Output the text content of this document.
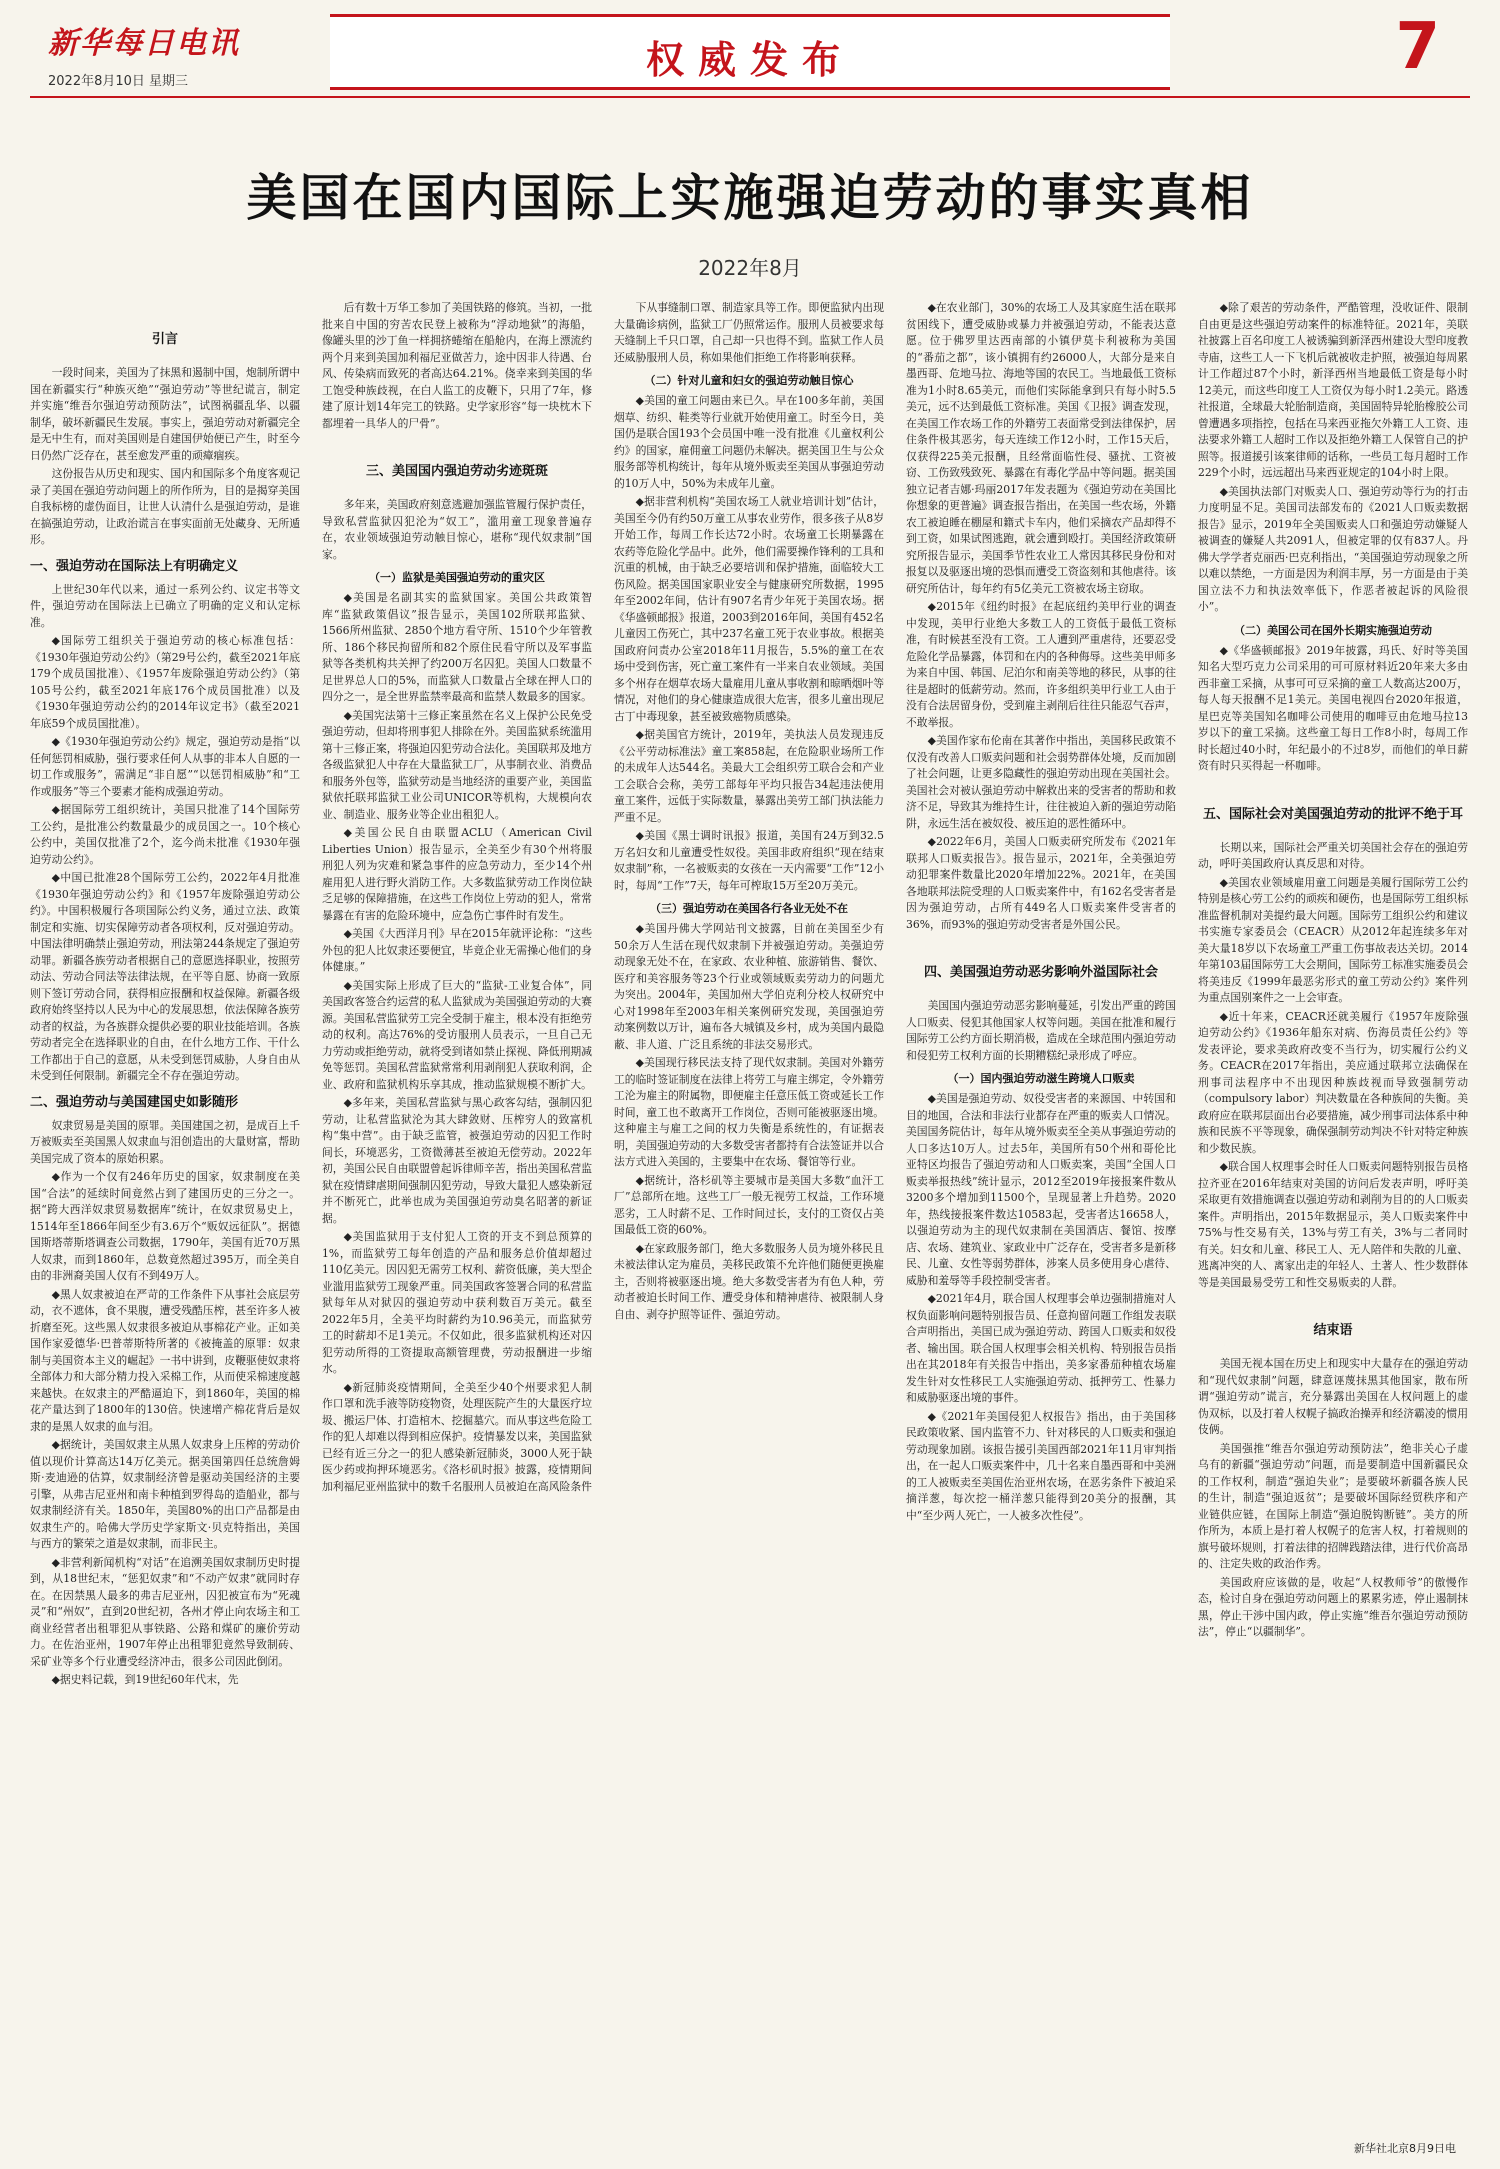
新华每日电讯
2022年8月10日 星期三	权威发布	7
美国在国内国际上实施强迫劳动的事实真相
2022年8月
引言

一段时间来，美国为了抹黑和遏制中国，炮制所谓中国在新疆实行“种族灭绝”“强迫劳动”等世纪谎言，制定并实施“维吾尔强迫劳动预防法”，试图祸疆乱华、以疆制华，破坏新疆民生发展。事实上，强迫劳动对新疆完全是无中生有，而对美国则是自建国伊始便已产生，时至今日仍然广泛存在，甚至愈发严重的顽瘴痼疾。

这份报告从历史和现实、国内和国际多个角度客观记录了美国在强迫劳动问题上的所作所为，目的是揭穿美国自我标榜的虚伪面目，让世人认清什么是强迫劳动，是谁在搞强迫劳动，让政治谎言在事实面前无处藏身、无所遁形。

一、强迫劳动在国际法上有明确定义

上世纪30年代以来，通过一系列公约、议定书等文件，强迫劳动在国际法上已确立了明确的定义和认定标准。

◆国际劳工组织关于强迫劳动的核心标准包括：《1930年强迫劳动公约》（第29号公约，截至2021年底179个成员国批准）、《1957年废除强迫劳动公约》（第105号公约，截至2021年底176个成员国批准）以及《1930年强迫劳动公约的2014年议定书》（截至2021年底59个成员国批准）。

◆《1930年强迫劳动公约》规定，强迫劳动是指“以任何惩罚相威胁，强行要求任何人从事的非本人自愿的一切工作或服务”，需满足“非自愿”“以惩罚相威胁”和“工作或服务”等三个要素才能构成强迫劳动。

◆据国际劳工组织统计，美国只批准了14个国际劳工公约，是批准公约数量最少的成员国之一。10个核心公约中，美国仅批准了2个，迄今尚未批准《1930年强迫劳动公约》。

◆中国已批准28个国际劳工公约，2022年4月批准《1930年强迫劳动公约》和《1957年废除强迫劳动公约》。中国积极履行各项国际公约义务，通过立法、政策制定和实施、切实保障劳动者各项权利，反对强迫劳动。中国法律明确禁止强迫劳动，刑法第244条规定了强迫劳动罪。新疆各族劳动者根据自己的意愿选择职业，按照劳动法、劳动合同法等法律法规，在平等自愿、协商一致原则下签订劳动合同，获得相应报酬和权益保障。新疆各级政府始终坚持以人民为中心的发展思想，依法保障各族劳动者的权益，为各族群众提供必要的职业技能培训。各族劳动者完全在选择职业的自由，在什么地方工作、干什么工作都出于自己的意愿，从未受到惩罚威胁，人身自由从未受到任何限制。新疆完全不存在强迫劳动。

二、强迫劳动与美国建国史如影随形

奴隶贸易是美国的原罪。美国建国之初，是成百上千万被贩卖至美国黑人奴隶血与泪创造出的大量财富，帮助美国完成了资本的原始积累。

◆作为一个仅有246年历史的国家，奴隶制度在美国“合法”的延续时间竟然占到了建国历史的三分之一。据“跨大西洋奴隶贸易数据库”统计，在奴隶贸易史上，1514年至1866年间至少有3.6万个“贩奴远征队”。据德国斯塔蒂斯塔调查公司数据，1790年，美国有近70万黑人奴隶，而到1860年，总数竟然超过395万，而全美自由的非洲裔美国人仅有不到49万人。

◆黑人奴隶被迫在严苛的工作条件下从事社会底层劳动，衣不遮体，食不果腹，遭受残酷压榨，甚至许多人被折磨至死。这些黑人奴隶很多被迫从事棉花产业。正如美国作家爱德华·巴普蒂斯特所著的《被掩盖的原罪：奴隶制与美国资本主义的崛起》一书中讲到，皮鞭驱使奴隶将全部体力和大部分精力投入采棉工作，从而使采棉速度越来越快。在奴隶主的严酷逼迫下，到1860年，美国的棉花产量达到了1800年的130倍。快速增产棉花背后是奴隶的是黑人奴隶的血与泪。

◆据统计，美国奴隶主从黑人奴隶身上压榨的劳动价值以现价计算高达14万亿美元。据美国第四任总统詹姆斯·麦迪逊的估算，奴隶制经济曾是驱动美国经济的主要引擎，从弗吉尼亚州和南卡种植到罗得岛的造船业，都与奴隶制经济有关。1850年，美国80%的出口产品都是由奴隶生产的。哈佛大学历史学家斯文·贝克特指出，美国与西方的繁荣之道是奴隶制，而非民主。

◆非营利新闻机构“对话”在追溯美国奴隶制历史时提到，从18世纪末，“惩犯奴隶”和“不动产奴隶”就同时存在。在因禁黑人最多的弗吉尼亚州，囚犯被宣布为“死魂灵”和“州奴”，直到20世纪初，各州才停止向农场主和工商业经营者出租罪犯从事铁路、公路和煤矿的廉价劳动力。在佐治亚州，1907年停止出租罪犯竟然导致制砖、采矿业等多个行业遭受经济冲击，很多公司因此倒闭。

◆据史料记载，到19世纪60年代末，先

后有数十万华工参加了美国铁路的修筑。当初，一批批来自中国的穷苦农民登上被称为“浮动地狱”的海船，像罐头里的沙丁鱼一样拥挤蜷缩在船舱内，在海上漂流约两个月来到美国加利福尼亚做苦力，途中因非人待遇、台风、传染病而致死的者高达64.21%。侥幸来到美国的华工饱受种族歧视，在白人监工的皮鞭下，只用了7年，修建了原计划14年完工的铁路。史学家形容“每一块枕木下都埋着一具华人的尸骨”。

三、美国国内强迫劳动劣迹斑斑

多年来，美国政府刻意逃避加强监管履行保护责任，导致私营监狱囚犯沦为“奴工”，滥用童工现象普遍存在，农业领域强迫劳动触目惊心，堪称“现代奴隶制”国家。

（一）监狱是美国强迫劳动的重灾区

◆美国是名副其实的监狱国家。美国公共政策智库“监狱政策倡议”报告显示，美国102所联邦监狱、1566所州监狱、2850个地方看守所、1510个少年管教所、186个移民拘留所和82个原住民看守所以及军事监狱等各类机构共关押了约200万名囚犯。美国人口数量不足世界总人口的5%，而监狱人口数量占全球在押人口的四分之一，是全世界监禁率最高和监禁人数最多的国家。

◆美国宪法第十三修正案虽然在名义上保护公民免受强迫劳动，但却将刑事犯人排除在外。美国监狱系统滥用第十三修正案，将强迫囚犯劳动合法化。美国联邦及地方各级监狱犯人中存在大量监狱工厂，从事制衣业、消费品和服务外包等，监狱劳动是当地经济的重要产业，美国监狱依托联邦监狱工业公司UNICOR等机构，大规模向农业、制造业、服务业等企业出租犯人。

◆美国公民自由联盟ACLU（American Civil Liberties Union）报告显示，全美至少有30个州将服刑犯人列为灾难和紧急事件的应急劳动力，至少14个州雇用犯人进行野火消防工作。大多数监狱劳动工作岗位缺乏足够的保障措施，在这些工作岗位上劳动的犯人，常常暴露在有害的危险环境中，应急伤亡事件时有发生。

◆美国《大西洋月刊》早在2015年就评论称：“这些外包的犯人比奴隶还要便宜，毕竟企业无需操心他们的身体健康。”

◆美国实际上形成了巨大的“监狱-工业复合体”，同美国政客签合约运营的私人监狱成为美国强迫劳动的大赛源。美国私营监狱劳工完全受制于雇主，根本没有拒绝劳动的权利。高达76%的受访服刑人员表示，一旦自己无力劳动或拒绝劳动，就将受到诸如禁止探视、降低刑期减免等惩罚。美国私营监狱常常利用剥削犯人获取利润，企业、政府和监狱机构乐享其成，推动监狱规模不断扩大。

◆多年来，美国私营监狱与黑心政客勾结，强制囚犯劳动，让私营监狱沦为其大肆敛财、压榨穷人的致富机构“集中营”。由于缺乏监管，被强迫劳动的囚犯工作时间长，环境恶劣，工资微薄甚至被迫无偿劳动。2022年初，美国公民自由联盟曾起诉律师辛苦，指出美国私营监狱在疫情肆虐期间强制囚犯劳动，导致大量犯人感染新冠并不断死亡，此举也成为美国强迫劳动臭名昭著的新证据。

◆美国监狱用于支付犯人工资的开支不到总预算的1%，而监狱劳工每年创造的产品和服务总价值却超过110亿美元。因囚犯无需劳工权利、薪资低廉，美大型企业滥用监狱劳工现象严重。同美国政客签署合同的私营监狱每年从对狱囚的强迫劳动中获利数百万美元。截至2022年5月，全美平均时薪约为10.96美元，而监狱劳工的时薪却不足1美元。不仅如此，很多监狱机构还对囚犯劳动所得的工资提取高额管理费，劳动报酬进一步缩水。

◆新冠肺炎疫情期间，全美至少40个州要求犯人制作口罩和洗手液等防疫物资，处理医院产生的大量医疗垃圾、搬运尸体、打造棺木、挖掘墓穴。而从事这些危险工作的犯人却难以得到相应保护。疫情暴发以来，美国监狱已经有近三分之一的犯人感染新冠肺炎，3000人死于缺医少药或拘押环境恶劣。《洛杉矶时报》披露，疫情期间加利福尼亚州监狱中的数千名服刑人员被迫在高风险条件

下从事缝制口罩、制造家具等工作。即便监狱内出现大量确诊病例，监狱工厂仍照常运作。服刑人员被要求每天缝制上千只口罩，自己却一只也得不到。监狱工作人员还威胁服刑人员，称如果他们拒绝工作将影响获释。

（二）针对儿童和妇女的强迫劳动触目惊心

◆美国的童工问题由来已久。早在100多年前，美国烟草、纺织、鞋类等行业就开始使用童工。时至今日，美国仍是联合国193个会员国中唯一没有批准《儿童权利公约》的国家，雇佣童工问题仍未解决。据美国卫生与公众服务部等机构统计，每年从境外贩卖至美国从事强迫劳动的10万人中，50%为未成年儿童。

◆据非营利机构“美国农场工人就业培训计划”估计，美国至今仍有约50万童工从事农业劳作，很多孩子从8岁开始工作，每周工作长达72小时。农场童工长期暴露在农药等危险化学品中。此外，他们需要操作锋利的工具和沉重的机械，由于缺乏必要培训和保护措施，面临较大工伤风险。据美国国家职业安全与健康研究所数据，1995年至2002年间，估计有907名青少年死于美国农场。据《华盛顿邮报》报道，2003到2016年间，美国有452名儿童因工伤死亡，其中237名童工死于农业事故。根据美国政府问责办公室2018年11月报告，5.5%的童工在农场中受到伤害，死亡童工案件有一半来自农业领域。美国多个州存在烟草农场大量雇用儿童从事收割和晾晒烟叶等情况，对他们的身心健康造成很大危害，很多儿童出现尼古丁中毒现象，甚至被致癌物质感染。

◆据美国官方统计，2019年，美执法人员发现违反《公平劳动标准法》童工案858起，在危险职业场所工作的未成年人达544名。美最大工会组织劳工联合会和产业工会联合会称，美劳工部每年平均只报告34起违法使用童工案件，远低于实际数量，暴露出美劳工部门执法能力严重不足。

◆美国《黑士调时讯报》报道，美国有24万到32.5万名妇女和儿童遭受性奴役。美国非政府组织“现在结束奴隶制”称，一名被贩卖的女孩在一天内需要“工作”12小时，每周“工作”7天，每年可榨取15万至20万美元。

（三）强迫劳动在美国各行各业无处不在

◆美国丹佛大学网站刊文披露，目前在美国至少有50余万人生活在现代奴隶制下并被强迫劳动。美强迫劳动现象无处不在，在家政、农业种植、旅游销售、餐饮、医疗和美容服务等23个行业或领域贩卖劳动力的问题尤为突出。2004年，美国加州大学伯克利分校人权研究中心对1998年至2003年相关案例研究发现，美国强迫劳动案例数以万计，遍布各大城镇及乡村，成为美国内最隐蔽、非人道、广泛且系统的非法交易形式。

◆美国现行移民法支持了现代奴隶制。美国对外籍劳工的临时签证制度在法律上将劳工与雇主绑定，令外籍劳工沦为雇主的附属物，即便雇主任意压低工资或延长工作时间，童工也不敢离开工作岗位，否则可能被驱逐出境。这种雇主与雇工之间的权力失衡是系统性的，有证据表明，美国强迫劳动的大多数受害者都持有合法签证并以合法方式进入美国的，主要集中在农场、餐馆等行业。

◆据统计，洛杉矶等主要城市是美国大多数“血汗工厂”总部所在地。这些工厂一般无视劳工权益，工作环境恶劣，工人时薪不足、工作时间过长，支付的工资仅占美国最低工资的60%。

◆在家政服务部门，绝大多数服务人员为境外移民且未被法律认定为雇员，美移民政策不允许他们随便更换雇主，否则将被驱逐出境。绝大多数受害者为有色人种，劳动者被迫长时间工作、遭受身体和精神虐待、被限制人身自由、剥夺护照等证件、强迫劳动。

◆在农业部门，30%的农场工人及其家庭生活在联邦贫困线下，遭受威胁或暴力并被强迫劳动，不能表达意愿。位于佛罗里达西南部的小镇伊莫卡利被称为美国的“番茄之都”，该小镇拥有约26000人，大部分是来自墨西哥、危地马拉、海地等国的农民工。当地最低工资标准为1小时8.65美元，而他们实际能拿到只有每小时5.5美元，远不达到最低工资标准。美国《卫报》调查发现，在美国工作农场工作的外籍劳工表面常受到法律保护，居住条件极其恶劣，每天连续工作12小时，工作15天后，仅获得225美元报酬，且经常面临性侵、骚扰、工资被窃、工伤致残致死、暴露在有毒化学品中等问题。据美国独立记者吉娜·玛丽2017年发表题为《强迫劳动在美国比你想象的更普遍》调查报告指出，在美国一些农场，外籍农工被迫睡在棚屋和籍式卡车内，他们采摘农产品却得不到工资，如果试图逃跑，就会遭到殴打。美国经济政策研究所报告显示，美国季节性农业工人常因其移民身份和对报复以及驱逐出境的恐惧而遭受工资盗刻和其他虐待。该研究所估计，每年约有5亿美元工资被农场主窃取。

◆2015年《纽约时报》在起底纽约美甲行业的调查中发现，美甲行业绝大多数工人的工资低于最低工资标准，有时候甚至没有工资。工人遭到严重虐待，还要忍受危险化学品暴露，体罚和在内的各种侮辱。这些美甲师多为来自中国、韩国、尼泊尔和南美等地的移民，从事的往往是超时的低薪劳动。然而，许多组织美甲行业工人由于没有合法居留身份，受到雇主剥削后往往只能忍气吞声，不敢举报。

◆美国作家布伦南在其著作中指出，美国移民政策不仅没有改善人口贩卖问题和社会弱势群体处境，反而加剧了社会问题，让更多隐藏性的强迫劳动出现在美国社会。美国社会对被认强迫劳动中解救出来的受害者的帮助和救济不足，导致其为维持生计，往往被迫入新的强迫劳动陷阱，永远生活在被奴役、被压迫的恶性循环中。

◆2022年6月，美国人口贩卖研究所发布《2021年联邦人口贩卖报告》。报告显示，2021年，全美强迫劳动犯罪案件数量比2020年增加22%。2021年，在美国各地联邦法院受理的人口贩卖案件中，有162名受害者是因为强迫劳动，占所有449名人口贩卖案件受害者的36%，而93%的强迫劳动受害者是外国公民。

四、美国强迫劳动恶劣影响外溢国际社会

美国国内强迫劳动恶劣影响蔓延，引发出严重的跨国人口贩卖、侵犯其他国家人权等问题。美国在批准和履行国际劳工公约方面长期消极，造成在全球范围内强迫劳动和侵犯劳工权利方面的长期糟糕纪录形成了呼应。

（一）国内强迫劳动滋生跨境人口贩卖

◆美国是强迫劳动、奴役受害者的来源国、中转国和目的地国，合法和非法行业都存在严重的贩卖人口情况。美国国务院估计，每年从境外贩卖至全美从事强迫劳动的人口多达10万人。过去5年，美国所有50个州和哥伦比亚特区均报告了强迫劳动和人口贩卖案，美国“全国人口贩卖举报热线”统计显示，2012至2019年接报案件数从3200多个增加到11500个，呈现显著上升趋势。2020年，热线接报案件数达10583起，受害者达16658人，以强迫劳动为主的现代奴隶制在美国酒店、餐馆、按摩店、农场、建筑业、家政业中广泛存在，受害者多是新移民、儿童、女性等弱势群体，涉案人员多使用身心虐待、威胁和羞辱等手段控制受害者。

◆2021年4月，联合国人权理事会单边强制措施对人权负面影响问题特别报告员、任意拘留问题工作组发表联合声明指出，美国已成为强迫劳动、跨国人口贩卖和奴役者、输出国。联合国人权理事会相关机构、特别报告员指出在其2018年有关报告中指出，美多家番茄种植农场雇发生针对女性移民工人实施强迫劳动、抵押劳工、性暴力和威胁驱逐出境的事件。

◆《2021年美国侵犯人权报告》指出，由于美国移民政策收紧、国内监管不力、针对移民的人口贩卖和强迫劳动现象加剧。该报告援引美国西部2021年11月审判指出，在一起人口贩卖案件中，几十名来自墨西哥和中美洲的工人被贩卖至美国佐治亚州农场，在恶劣条件下被迫采摘洋葱，每次挖一桶洋葱只能得到20美分的报酬，其中“至少两人死亡，一人被多次性侵”。

◆除了艰苦的劳动条件，严酷管理，没收证件、限制自由更是这些强迫劳动案件的标准特征。2021年，美联社披露上百名印度工人被诱骗到新泽西州建设大型印度教寺庙，这些工人一下飞机后就被收走护照，被强迫每周累计工作超过87个小时，新泽西州当地最低工资是每小时12美元，而这些印度工人工资仅为每小时1.2美元。路透社报道，全球最大轮胎制造商，美国固特异轮胎橡胶公司曾遭遇多项指控，包括在马来西亚拖欠外籍工人工资、违法要求外籍工人超时工作以及拒绝外籍工人保管自己的护照等。报道援引该案律师的话称，一些员工每月超时工作229个小时，远远超出马来西亚规定的104小时上限。

◆美国执法部门对贩卖人口、强迫劳动等行为的打击力度明显不足。美国司法部发布的《2021人口贩卖数据报告》显示，2019年全美国贩卖人口和强迫劳动嫌疑人被调查的嫌疑人共2091人，但被定罪的仅有837人。丹佛大学学者克丽西·巴克利指出，“美国强迫劳动现象之所以难以禁绝，一方面是因为利润丰厚，另一方面是由于美国立法不力和执法效率低下，作恶者被起诉的风险很小”。

（二）美国公司在国外长期实施强迫劳动

◆《华盛顿邮报》2019年披露，玛氏、好时等美国知名大型巧克力公司采用的可可原材料近20年来大多由西非童工采摘，从事可可豆采摘的童工人数高达200万，每人每天报酬不足1美元。美国电视四台2020年报道，星巴克等美国知名咖啡公司使用的咖啡豆由危地马拉13岁以下的童工采摘。这些童工每日工作8小时，每周工作时长超过40小时，年纪最小的不过8岁，而他们的单日薪资有时只买得起一杯咖啡。

五、国际社会对美国强迫劳动的批评不绝于耳

长期以来，国际社会严重关切美国社会存在的强迫劳动，呼吁美国政府认真反思和对待。

◆美国农业领域雇用童工问题是美履行国际劳工公约特别是核心劳工公约的顽疾和硬伤，也是国际劳工组织标准监督机制对美提约最大问题。国际劳工组织公约和建议书实施专家委员会（CEACR）从2012年起连续多年对美大量18岁以下农场童工严重工伤事故表达关切。2014年第103届国际劳工大会期间，国际劳工标准实施委员会将美违反《1999年最恶劣形式的童工劳动公约》案件列为重点国别案件之一上会审查。

◆近十年来，CEACR还就美履行《1957年废除强迫劳动公约》《1936年船东对病、伤海员责任公约》等发表评论，要求美政府改变不当行为，切实履行公约义务。CEACR在2017年指出，美应通过联邦立法确保在刑事司法程序中不出现因种族歧视而导致强制劳动（compulsory labor）判决数量在各种族间的失衡。美政府应在联邦层面出台必要措施，减少刑事司法体系中种族和民族不平等现象，确保强制劳动判决不针对特定种族和少数民族。

◆联合国人权理事会时任人口贩卖问题特别报告员格拉齐亚在2016年结束对美国的访问后发表声明，呼吁美采取更有效措施调查以强迫劳动和剥削为目的的人口贩卖案件。声明指出，2015年数据显示，美人口贩卖案件中75%与性交易有关，13%与劳工有关，3%与二者同时有关。妇女和儿童、移民工人、无人陪伴和失散的儿童、逃离冲突的人、离家出走的年轻人、土著人、性少数群体等是美国最易受劳工和性交易贩卖的人群。

结束语

美国无视本国在历史上和现实中大量存在的强迫劳动和“现代奴隶制”问题，肆意诬蔑抹黑其他国家，散布所谓“强迫劳动”谎言，充分暴露出美国在人权问题上的虚伪双标，以及打着人权幌子搞政治操弄和经济霸凌的惯用伎俩。

美国强推“维吾尔强迫劳动预防法”，绝非关心子虚乌有的新疆“强迫劳动”问题，而是要制造中国新疆民众的工作权利，制造“强迫失业”；是要破坏新疆各族人民的生计，制造“强迫返贫”；是要破坏国际经贸秩序和产业链供应链，在国际上制造“强迫脱钩断链”。美方的所作所为，本质上是打着人权幌子的危害人权，打着规则的旗号破坏规则，打着法律的招牌践踏法律，进行代价高昂的、注定失败的政治作秀。

美国政府应该做的是，收起“人权教师爷”的傲慢作态，检讨自身在强迫劳动问题上的累累劣迹，停止遏制抹黑，停止干涉中国内政，停止实施“维吾尔强迫劳动预防法”，停止“以疆制华”。

新华社北京8月9日电
